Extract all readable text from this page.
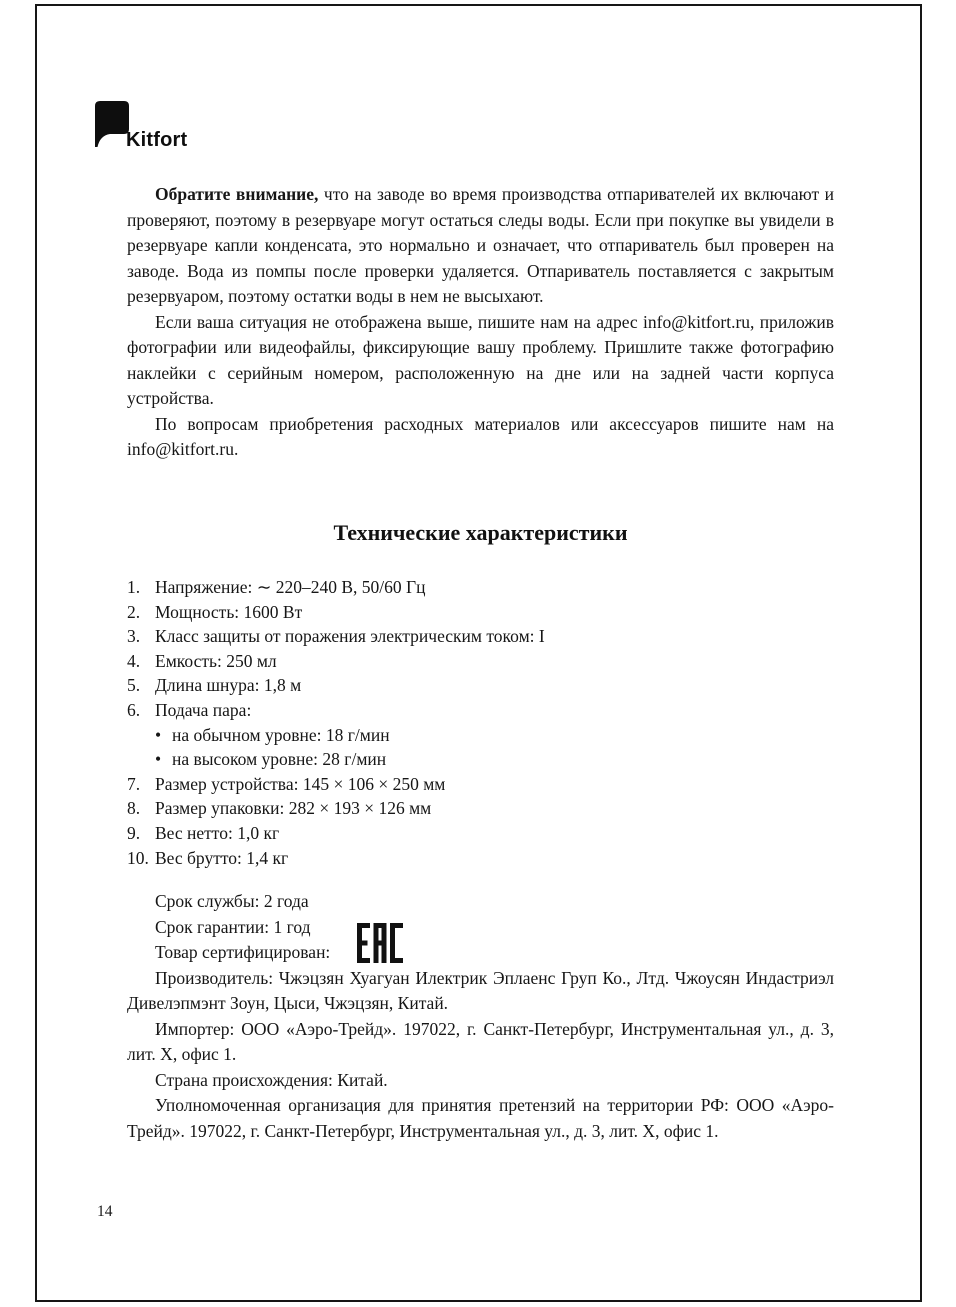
Kitfort

Обратите внимание, что на заводе во время производства отпаривателей их включают и проверяют, поэтому в резервуаре могут остаться следы воды. Если при покупке вы увидели в резервуаре капли конденсата, это нормально и означает, что отпариватель был проверен на заводе. Вода из помпы после проверки удаляется. Отпариватель поставляется с закрытым резервуаром, поэтому остатки воды в нем не высыхают.

Если ваша ситуация не отображена выше, пишите нам на адрес info@kitfort.ru, приложив фотографии или видеофайлы, фиксирующие вашу проблему. Пришлите также фотографию наклейки с серийным номером, расположенную на дне или на задней части корпуса устройства.

По вопросам приобретения расходных материалов или аксессуаров пишите нам на info@kitfort.ru.

Технические характеристики
1. Напряжение: ∼ 220–240 В, 50/60 Гц
2. Мощность: 1600 Вт
3. Класс защиты от поражения электрическим током: I
4. Емкость: 250 мл
5. Длина шнура: 1,8 м
6. Подача пара:
• на обычном уровне: 18 г/мин
• на высоком уровне: 28 г/мин
7. Размер устройства: 145 × 106 × 250 мм
8. Размер упаковки: 282 × 193 × 126 мм
9. Вес нетто: 1,0 кг
10. Вес брутто: 1,4 кг

Срок службы: 2 года

Срок гарантии: 1 год

Товар сертифицирован:

Производитель: Чжэцзян Хуагуан Илектрик Эплаенс Груп Ко., Лтд. Чжоусян Индастриэл Дивелэпмэнт Зоун, Цыси, Чжэцзян, Китай.

Импортер: ООО «Аэро-Трейд». 197022, г. Санкт-Петербург, Инструментальная ул., д. 3, лит. Х, офис 1.

Страна происхождения: Китай.

Уполномоченная организация для принятия претензий на территории РФ: ООО «Аэро-Трейд». 197022, г. Санкт-Петербург, Инструментальная ул., д. 3, лит. Х, офис 1.

14
